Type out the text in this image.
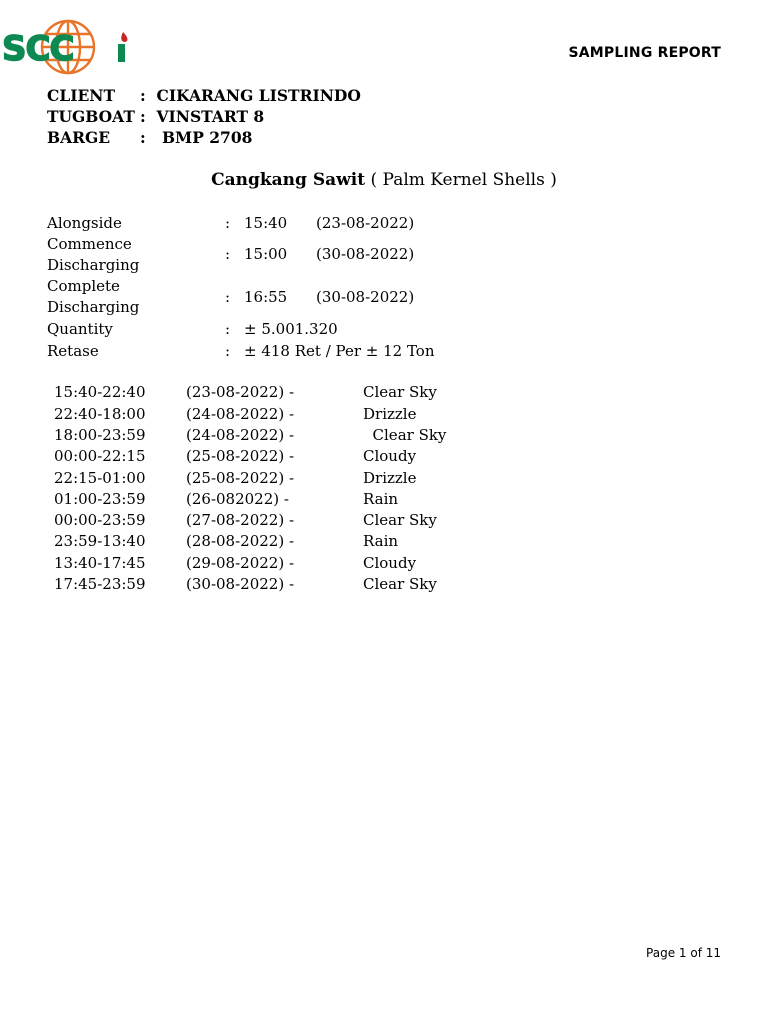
SCC	SAMPLING REPORT
CLIENT : CIKARANG LISTRINDO
TUGBOAT : VINSTART 8
BARGE : BMP 2708
Cangkang Sawit ( Palm Kernel Shells )
Alongside	: 15:40 (23-08-2022)
Commence
Discharging
: 15:00 (30-08-2022)
Complete
Discharging
: 16:55 (30-08-2022)
Quantity	: ± 5.001.320
Retase	: ± 418 Ret / Per ± 12 Ton
15:40-22:40	(23-08-2022) -	Clear Sky
22:40-18:00	(24-08-2022) -	Drizzle
18:00-23:59	(24-08-2022) -	Clear Sky
00:00-22:15	(25-08-2022) -	Cloudy
22:15-01:00	(25-08-2022) -	Drizzle
01:00-23:59	(26-082022) -	Rain
00:00-23:59	(27-08-2022) -	Clear Sky
23:59-13:40	(28-08-2022) -	Rain
13:40-17:45	(29-08-2022) -	Cloudy
17:45-23:59	(30-08-2022) -	Clear Sky
Page 1 of 11
